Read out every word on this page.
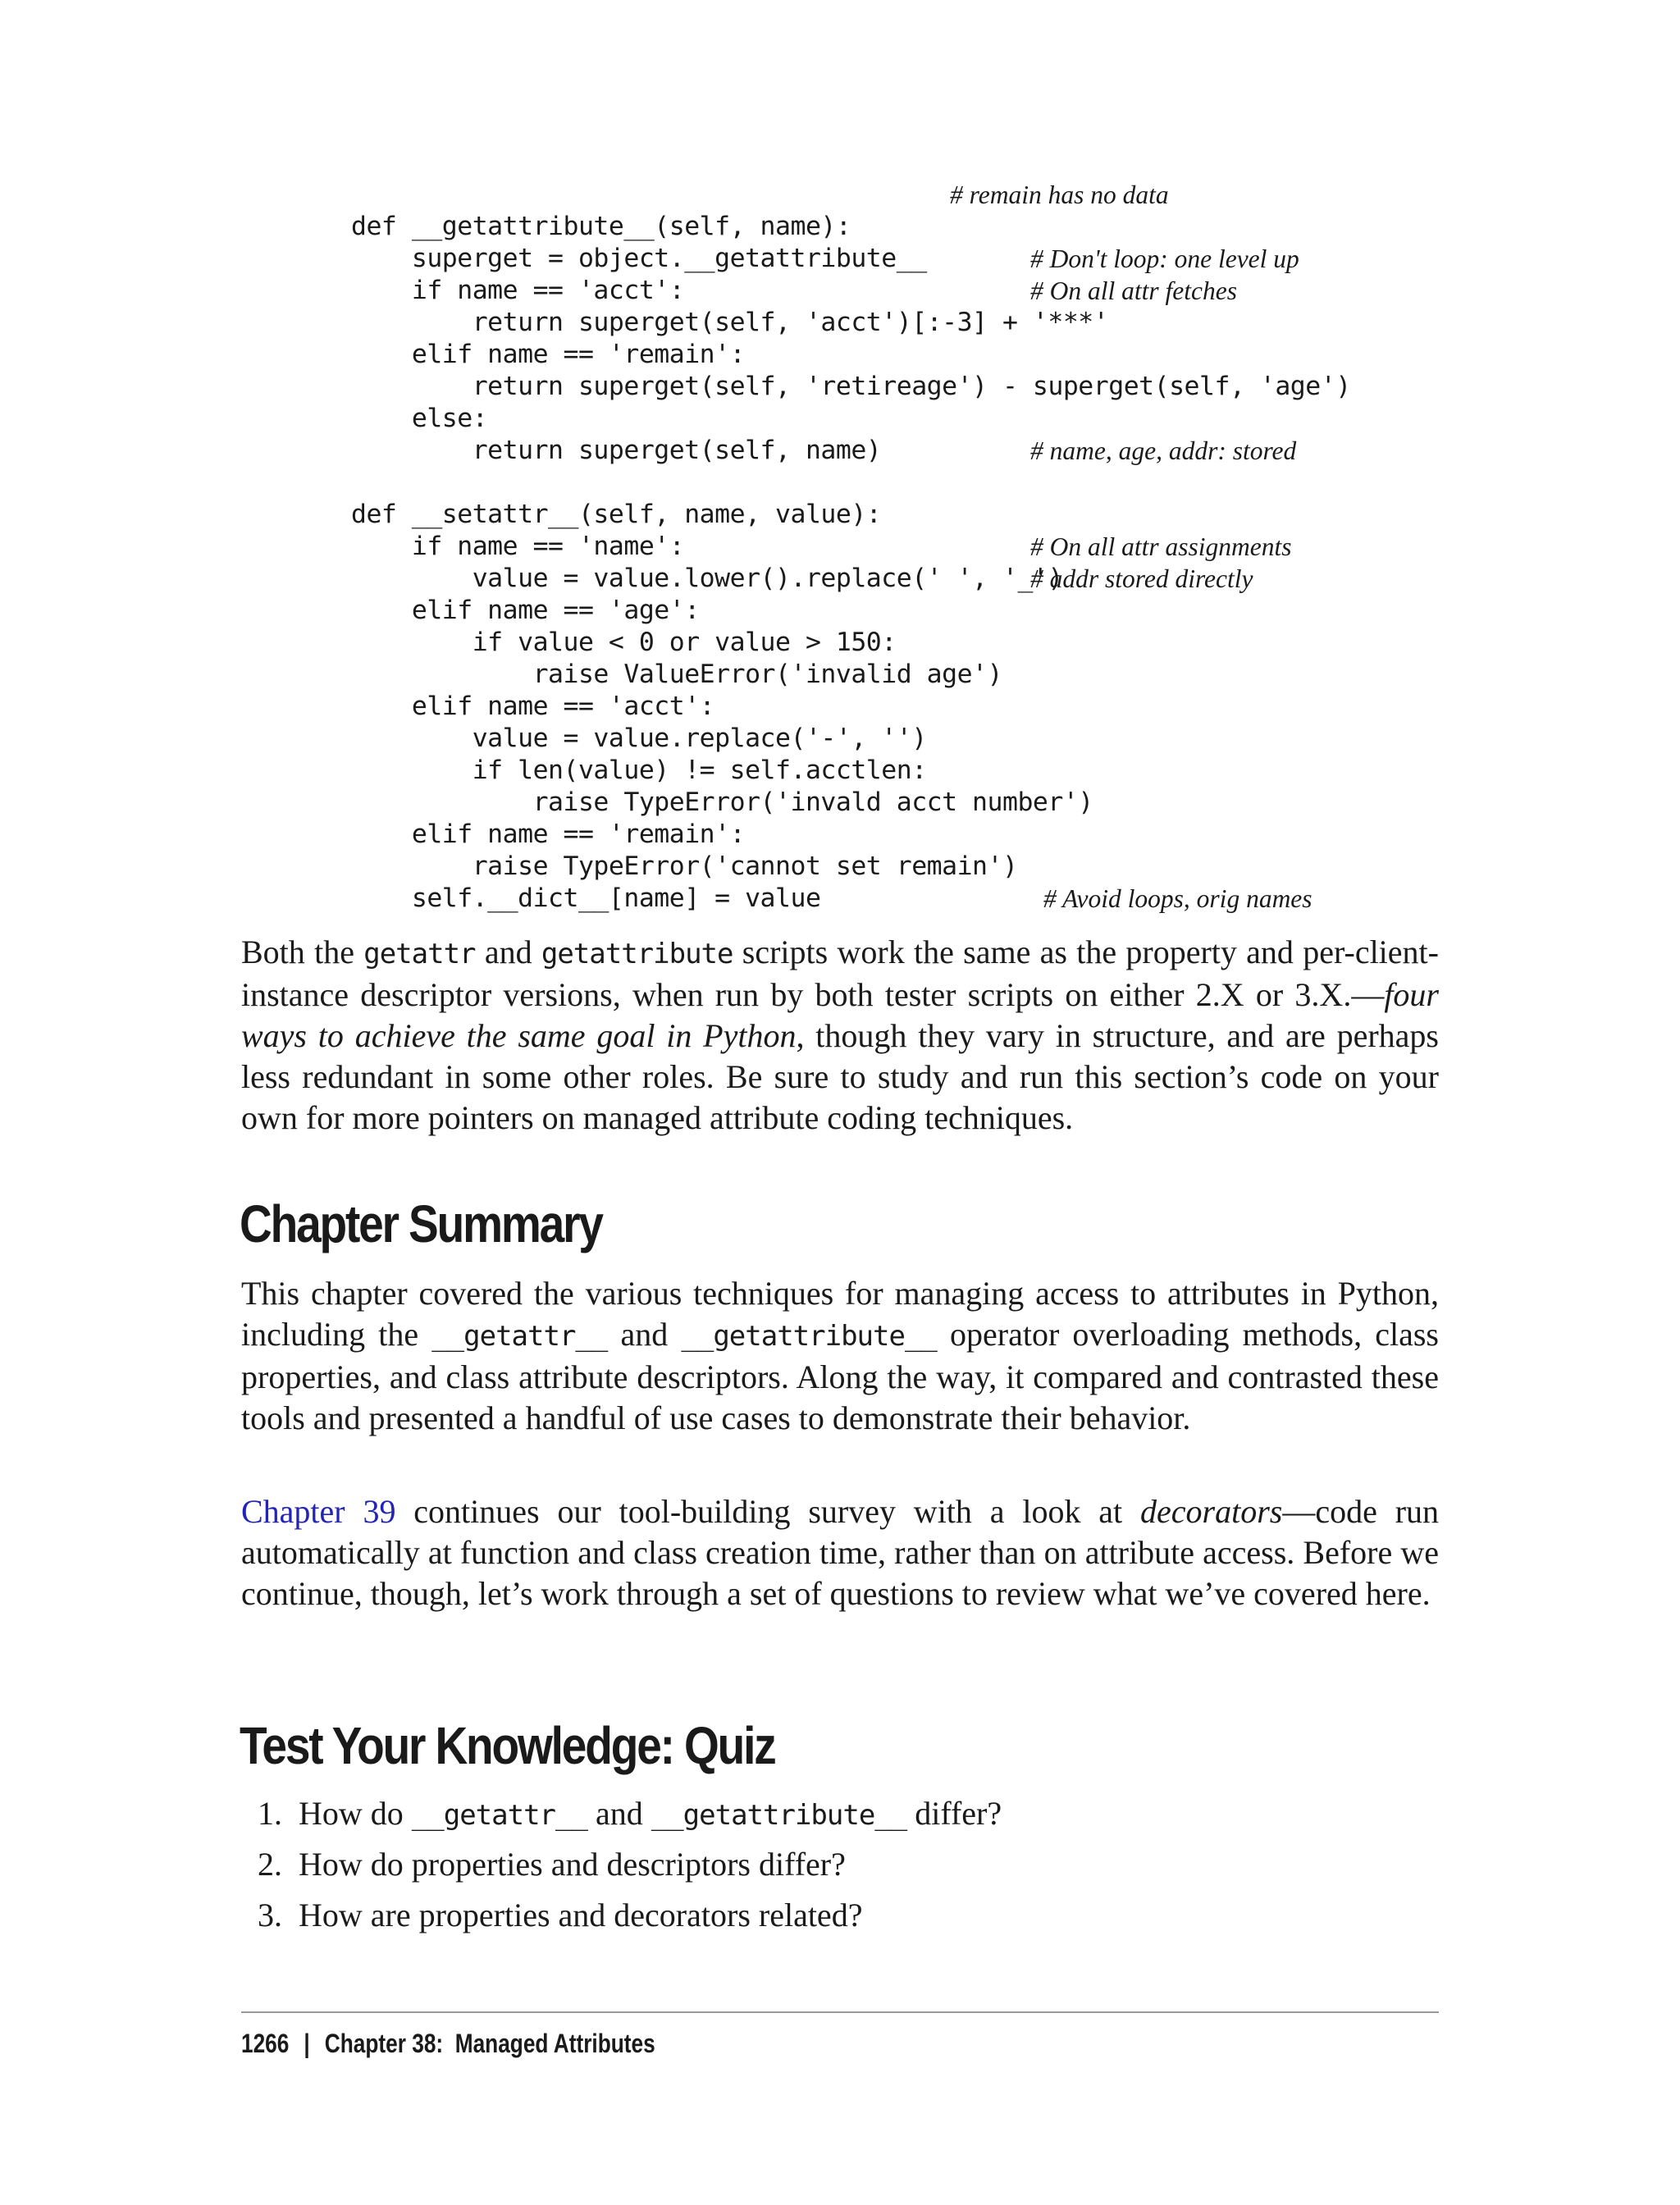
# remain has no data
def __getattribute__(self, name):
superget = object.__getattribute__	# Don't loop: one level up
if name == 'acct':	# On all attr fetches
return superget(self, 'acct')[:-3] + '***'
elif name == 'remain':
return superget(self, 'retireage') - superget(self, 'age')
else:
return superget(self, name)	# name, age, addr: stored
def __setattr__(self, name, value):
if name == 'name':	# On all attr assignments
value = value.lower().replace(' ', '_')
# addr stored directly
elif name == 'age':
if value < 0 or value > 150:
raise ValueError('invalid age')
elif name == 'acct':
value = value.replace('-', '')
if len(value) != self.acctlen:
raise TypeError('invald acct number')
elif name == 'remain':
raise TypeError('cannot set remain')
self.__dict__[name] = value	# Avoid loops, orig names

Both the getattr and getattribute scripts work the same as the property and per-client-instance descriptor versions, when run by both tester scripts on either 2.X or 3.X.—four ways to achieve the same goal in Python, though they vary in structure, and are perhaps less redundant in some other roles. Be sure to study and run this section’s code on your own for more pointers on managed attribute coding techniques.

Chapter Summary

This chapter covered the various techniques for managing access to attributes in Python, including the __getattr__ and __getattribute__ operator overloading methods, class properties, and class attribute descriptors. Along the way, it compared and contrasted these tools and presented a handful of use cases to demonstrate their behavior.

Chapter 39 continues our tool-building survey with a look at decorators—code run automatically at function and class creation time, rather than on attribute access. Before we continue, though, let’s work through a set of questions to review what we’ve covered here.

Test Your Knowledge: Quiz
1. How do __getattr__ and __getattribute__ differ?
2. How do properties and descriptors differ?
3. How are properties and decorators related?
1266 | Chapter 38:  Managed Attributes
